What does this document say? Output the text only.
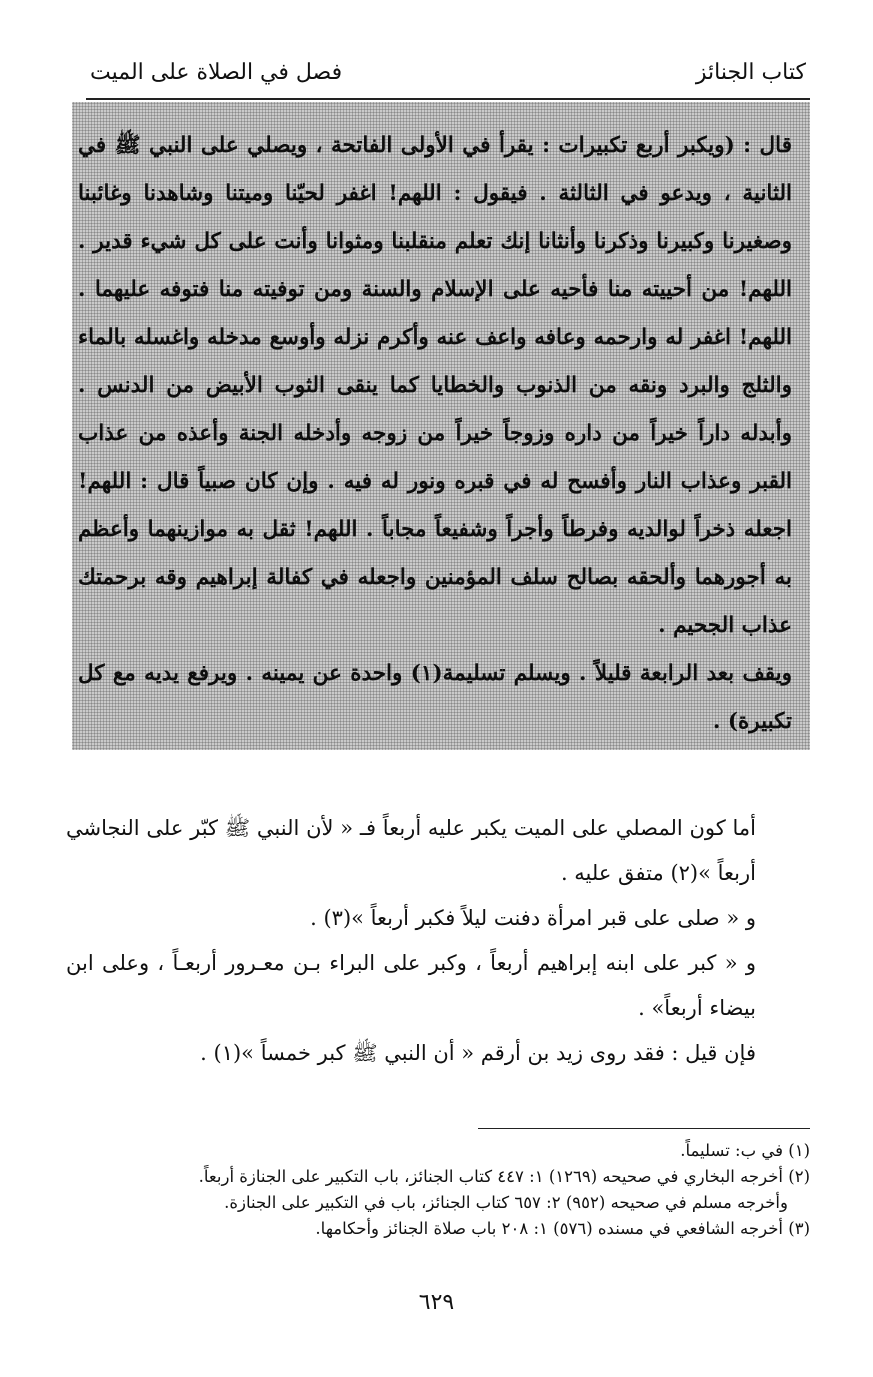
كتاب الجنائز
فصل في الصلاة على الميت

قال : (ويكبر أربع تكبيرات : يقرأ في الأولى الفاتحة ، ويصلي على النبي ﷺ في الثانية ، ويدعو في الثالثة . فيقول : اللهم! اغفر لحيّنا وميتنا وشاهدنا وغائبنا وصغيرنا وكبيرنا وذكرنا وأنثانا إنك تعلم منقلبنا ومثوانا وأنت على كل شيء قدير . اللهم! من أحييته منا فأحيه على الإسلام والسنة ومن توفيته منا فتوفه عليهما . اللهم! اغفر له وارحمه وعافه واعف عنه وأكرم نزله وأوسع مدخله واغسله بالماء والثلج والبرد ونقه من الذنوب والخطايا كما ينقى الثوب الأبيض من الدنس . وأبدله داراً خيراً من داره وزوجاً خيراً من زوجه وأدخله الجنة وأعذه من عذاب القبر وعذاب النار وأفسح له في قبره ونور له فيه . وإن كان صبياً قال : اللهم! اجعله ذخراً لوالديه وفرطاً وأجراً وشفيعاً مجاباً . اللهم! ثقل به موازينهما وأعظم به أجورهما وألحقه بصالح سلف المؤمنين واجعله في كفالة إبراهيم وقه برحمتك عذاب الجحيم .

ويقف بعد الرابعة قليلاً . ويسلم تسليمة(١) واحدة عن يمينه . ويرفع يديه مع كل تكبيرة) .

أما كون المصلي على الميت يكبر عليه أربعاً فـ « لأن النبي ﷺ كبّر على النجاشي أربعاً »(٢) متفق عليه .

و « صلى على قبر امرأة دفنت ليلاً فكبر أربعاً »(٣) .

و « كبر على ابنه إبراهيم أربعاً ، وكبر على البراء بـن معـرور أربعـاً ، وعلى ابن بيضاء أربعاً» .

فإن قيل : فقد روى زيد بن أرقم « أن النبي ﷺ كبر خمساً »(١) .

(١) في ب: تسليماً.

(٢) أخرجه البخاري في صحيحه (١٢٦٩) ١: ٤٤٧ كتاب الجنائز، باب التكبير على الجنازة أربعاً.

وأخرجه مسلم في صحيحه (٩٥٢) ٢: ٦٥٧ كتاب الجنائز، باب في التكبير على الجنازة.

(٣) أخرجه الشافعي في مسنده (٥٧٦) ١: ٢٠٨ باب صلاة الجنائز وأحكامها.

٦٢٩
